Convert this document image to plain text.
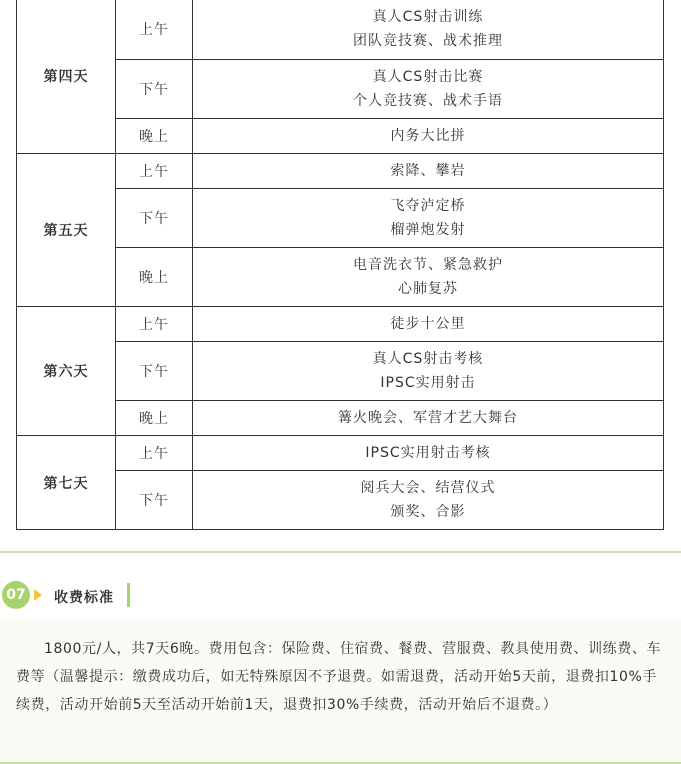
第四天	上午	真人CS射击训练
团队竞技赛、战术推理

	下午	真人CS射击比赛
个人竞技赛、战术手语

	晚上	内务大比拼

第五天	上午	索降、攀岩

	下午	飞夺泸定桥
榴弹炮发射

	晚上	电音洗衣节、紧急救护
心肺复苏

第六天	上午	徒步十公里

	下午	真人CS射击考核
IPSC实用射击

	晚上	篝火晚会、军营才艺大舞台

第七天	上午	IPSC实用射击考核

	下午	阅兵大会、结营仪式
颁奖、合影
07	收费标准

1800元/人，共7天6晚。费用包含：保险费、住宿费、餐费、营服费、教具使用费、训练费、车费等（温馨提示：缴费成功后，如无特殊原因不予退费。如需退费，活动开始5天前，退费扣10%手续费，活动开始前5天至活动开始前1天，退费扣30%手续费，活动开始后不退费。）
